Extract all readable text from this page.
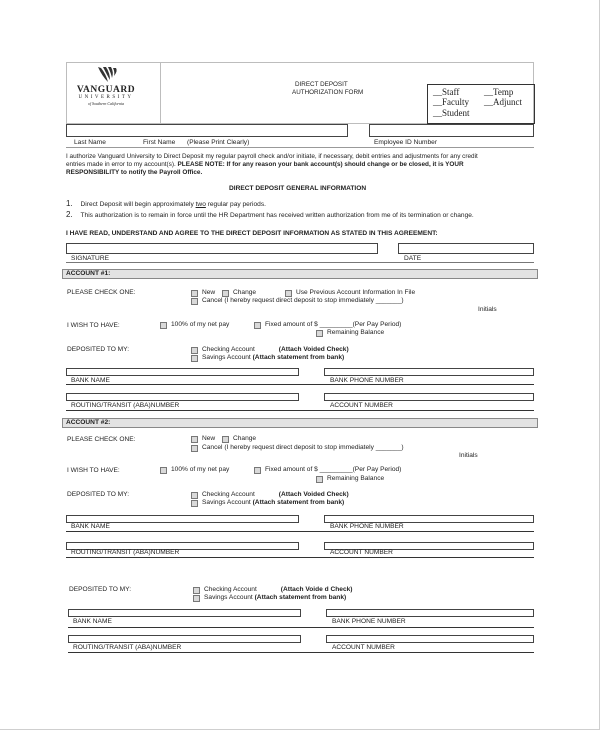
VANGUARD
UNIVERSITY
of Southern California
DIRECT DEPOSIT
AUTHORIZATION FORM	__Staff	__Temp
__Faculty __Adjunct
__Student
Last Name	First Name (Please Print Clearly)	Employee ID Number
I authorize Vanguard University to Direct Deposit my regular payroll check and/or initiate, if necessary, debit entries and adjustments for any credit
entries made in error to my account(s). PLEASE NOTE: If for any reason your bank account(s) should change or be closed, it is YOUR
RESPONSIBILITY to notify the Payroll Office.
DIRECT DEPOSIT GENERAL INFORMATION
1. Direct Deposit will begin approximately two regular pay periods.
2. This authorization is to remain in force until the HR Department has received written authorization from me of its termination or change.
I HAVE READ, UNDERSTAND AND AGREE TO THE DIRECT DEPOSIT INFORMATION AS STATED IN THIS AGREEMENT:
SIGNATURE	DATE
ACCOUNT #1:
PLEASE CHECK ONE:	New	Change	Use Previous Account Information In File
Cancel (I hereby request direct deposit to stop immediately _______)
Initials
I WISH TO HAVE:	100% of my net pay	Fixed amount of $ _________(Per Pay Period)
Remaining Balance
DEPOSITED TO MY:	Checking Account	(Attach Voided Check)
Savings Account (Attach statement from bank)
BANK NAME	BANK PHONE NUMBER
ROUTING/TRANSIT (ABA)NUMBER	ACCOUNT NUMBER
ACCOUNT #2:
PLEASE CHECK ONE:	New	Change
Cancel (I hereby request direct deposit to stop immediately _______)
Initials
I WISH TO HAVE:	100% of my net pay	Fixed amount of $ _________(Per Pay Period)
Remaining Balance
DEPOSITED TO MY:	Checking Account	(Attach Voided Check)
Savings Account (Attach statement from bank)
BANK NAME	BANK PHONE NUMBER
ROUTING/TRANSIT (ABA)NUMBER	ACCOUNT NUMBER
DEPOSITED TO MY:	Checking Account	(Attach Voide d Check)
Savings Account (Attach statement from bank)
BANK NAME	BANK PHONE NUMBER
ROUTING/TRANSIT (ABA)NUMBER	ACCOUNT NUMBER
